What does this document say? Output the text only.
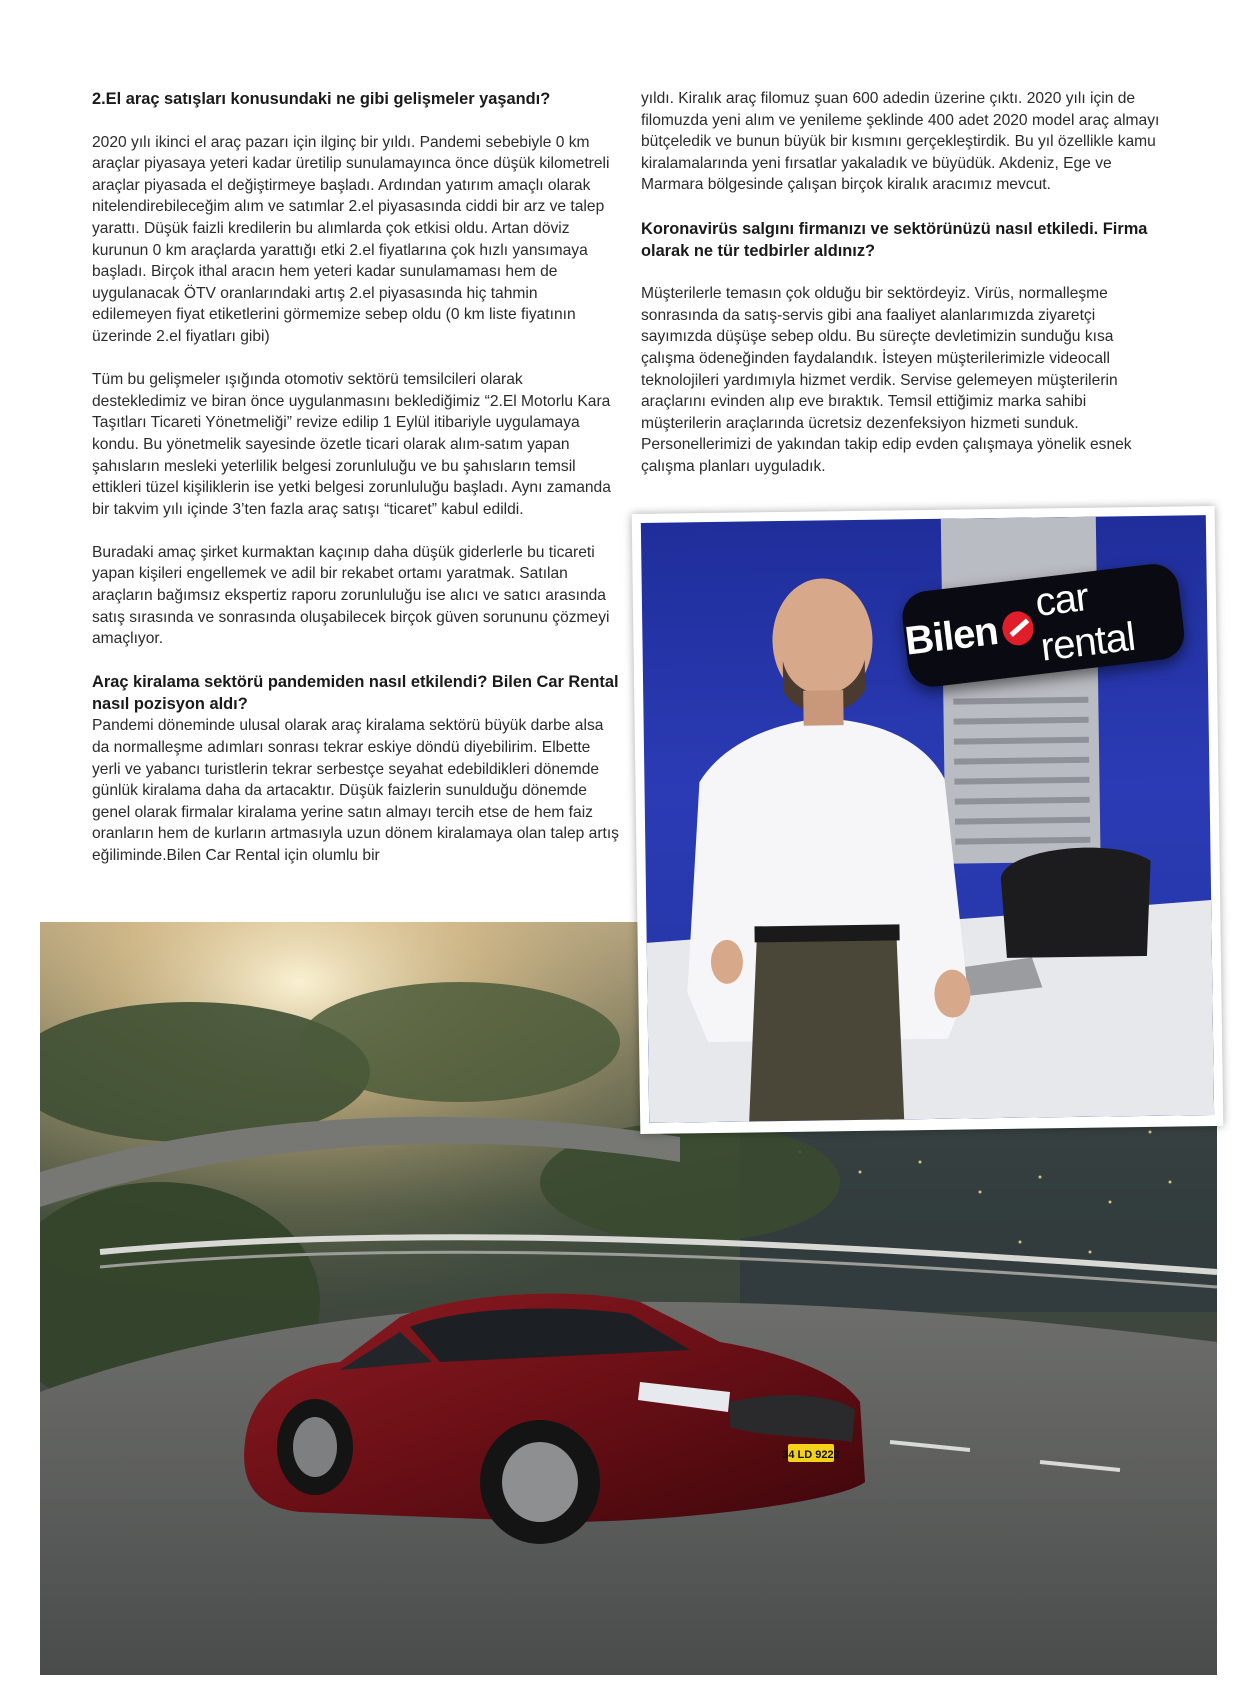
2.El araç satışları konusundaki ne gibi gelişmeler yaşandı?

2020 yılı ikinci el araç pazarı için ilginç bir yıldı. Pandemi sebebiyle 0 km araçlar piyasaya yeteri kadar üretilip sunulamayınca önce düşük kilometreli araçlar piyasada el değiştirmeye başladı. Ardından yatırım amaçlı olarak nitelendirebileceğim alım ve satımlar 2.el piyasasında ciddi bir arz ve talep yarattı. Düşük faizli kredilerin bu alımlarda çok etkisi oldu. Artan döviz kurunun 0 km araçlarda yarattığı etki 2.el fiyatlarına çok hızlı yansımaya başladı. Birçok ithal aracın hem yeteri kadar sunulamaması hem de uygulanacak ÖTV oranlarındaki artış 2.el piyasasında hiç tahmin edilemeyen fiyat etiketlerini görmemize sebep oldu (0 km liste fiyatının üzerinde 2.el fiyatları gibi)

Tüm bu gelişmeler ışığında otomotiv sektörü temsilcileri olarak destekledimiz ve biran önce uygulanmasını beklediğimiz “2.El Motorlu Kara Taşıtları Ticareti Yönetmeliği” revize edilip 1 Eylül itibariyle uygulamaya kondu. Bu yönetmelik sayesinde özetle ticari olarak alım-satım yapan şahısların mesleki yeterlilik belgesi zorunluluğu ve bu şahısların temsil ettikleri tüzel kişiliklerin ise yetki belgesi zorunluluğu başladı. Aynı zamanda bir takvim yılı içinde 3’ten fazla araç satışı “ticaret” kabul edildi.

Buradaki amaç şirket kurmaktan kaçınıp daha düşük giderlerle bu ticareti yapan kişileri engellemek ve adil bir rekabet ortamı yaratmak. Satılan araçların bağımsız ekspertiz raporu zorunluluğu ise alıcı ve satıcı arasında satış sırasında ve sonrasında oluşabilecek birçok güven sorununu çözmeyi amaçlıyor.

Araç kiralama sektörü pandemiden nasıl etkilendi? Bilen Car Rental nasıl pozisyon aldı?

Pandemi döneminde ulusal olarak araç kiralama sektörü büyük darbe alsa da normalleşme adımları sonrası tekrar eskiye döndü diyebilirim. Elbette yerli ve yabancı turistlerin tekrar serbestçe seyahat edebildikleri dönemde günlük kiralama daha da artacaktır. Düşük faizlerin sunulduğu dönemde genel olarak firmalar kiralama yerine satın almayı tercih etse de hem faiz oranların hem de kurların artmasıyla uzun dönem kiralamaya olan talep artış eğiliminde.Bilen Car Rental için olumlu bir

yıldı. Kiralık araç filomuz şuan 600 adedin üzerine çıktı. 2020 yılı için de filomuzda yeni alım ve yenileme şeklinde 400 adet 2020 model araç almayı bütçeledik ve bunun büyük bir kısmını gerçekleştirdik. Bu yıl özellikle kamu kiralamalarında yeni fırsatlar yakaladık ve büyüdük. Akdeniz, Ege ve Marmara bölgesinde çalışan birçok kiralık aracımız mevcut.

Koronavirüs salgını firmanızı ve sektörünüzü nasıl etkiledi. Firma olarak ne tür tedbirler aldınız?

Müşterilerle temasın çok olduğu bir sektördeyiz. Virüs, normalleşme sonrasında da satış-servis gibi ana faaliyet alanlarımızda ziyaretçi sayımızda düşüşe sebep oldu. Bu süreçte devletimizin sunduğu kısa çalışma ödeneğinden faydalandık. İsteyen müşterilerimizle videocall teknolojileri yardımıyla hizmet verdik. Servise gelemeyen müşterilerin araçlarını evinden alıp eve bıraktık. Temsil ettiğimiz marka sahibi müşterilerin araçlarında ücretsiz dezenfeksiyon hizmeti sunduk. Personellerimizi de yakından takip edip evden çalışmaya yönelik esnek çalışma planları uyguladık.

34 LD 9222
Bilen
car rental
zirvedekiler.kim | 79
